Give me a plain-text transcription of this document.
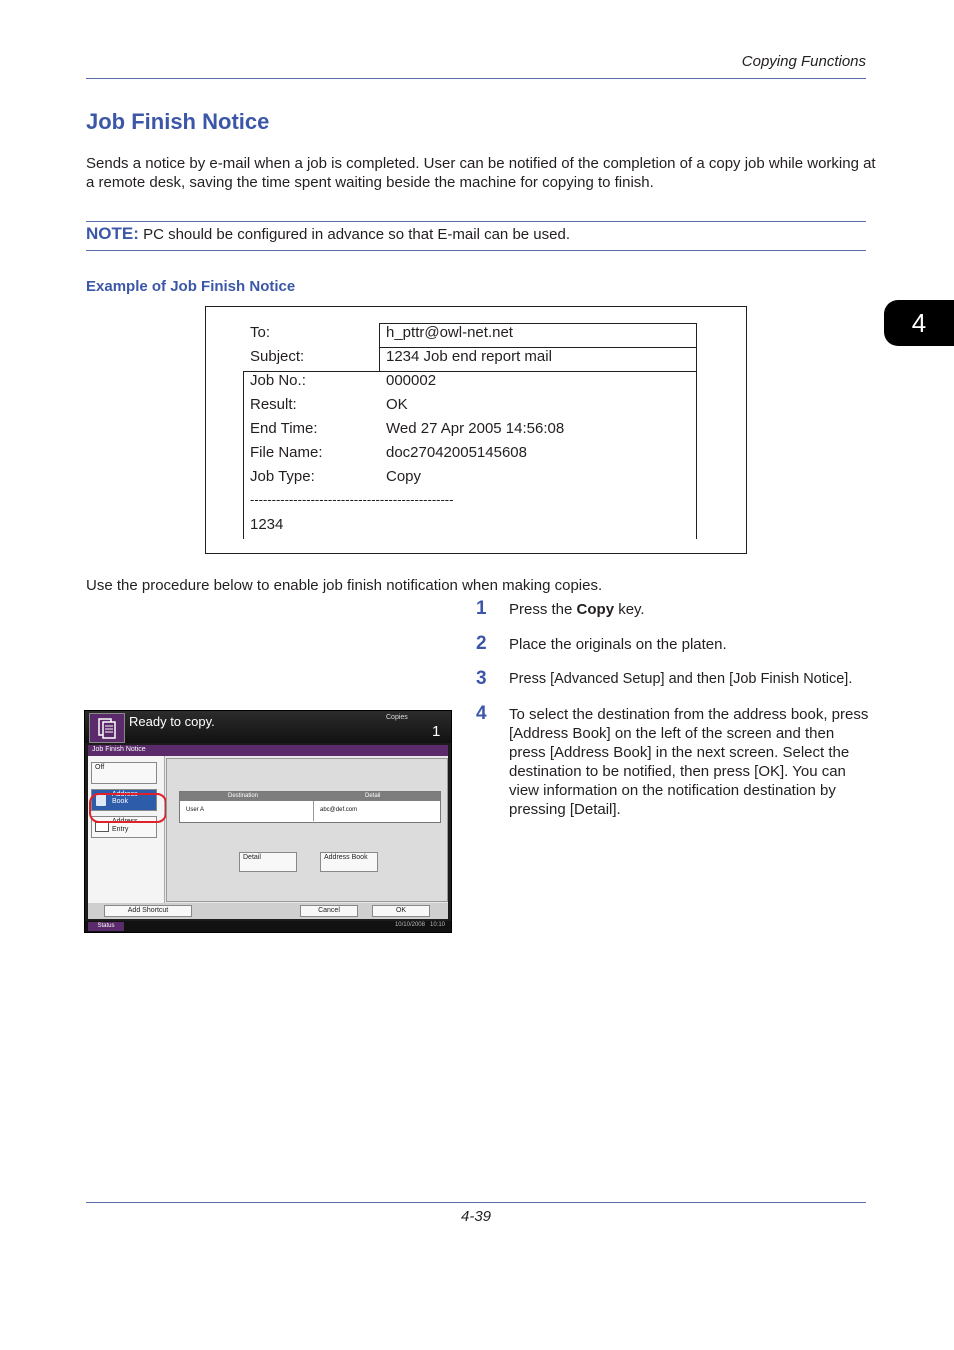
Copying Functions
4
Job Finish Notice
Sends a notice by e-mail when a job is completed. User can be notified of the completion of a copy job while working at a remote desk, saving the time spent waiting beside the machine for copying to finish.
NOTE: PC should be configured in advance so that E-mail can be used.
Example of Job Finish Notice
To:	h_pttr@owl-net.net
Subject:	1234 Job end report mail
Job No.:	000002
Result:	OK
End Time:	Wed 27 Apr 2005 14:56:08
File Name:	doc27042005145608
Job Type:	Copy
-----------------------------------------------
1234
Use the procedure below to enable job finish notification when making copies.
1 Press the Copy key.
2 Place the originals on the platen.
3 Press [Advanced Setup] and then [Job Finish Notice].
4 To select the destination from the address book, press [Address Book] on the left of the screen and then press [Address Book] in the next screen. Select the destination to be notified, then press [OK]. You can view information on the notification destination by pressing [Detail].
Ready to copy.	Copies
1
Job Finish Notice
Off
Address Book
Address
Entry
Destination	Detail
User A	abc@def.com
Detail	Address Book
Add Shortcut	Cancel	OK
Status	10/10/2008 10:10
4-39
